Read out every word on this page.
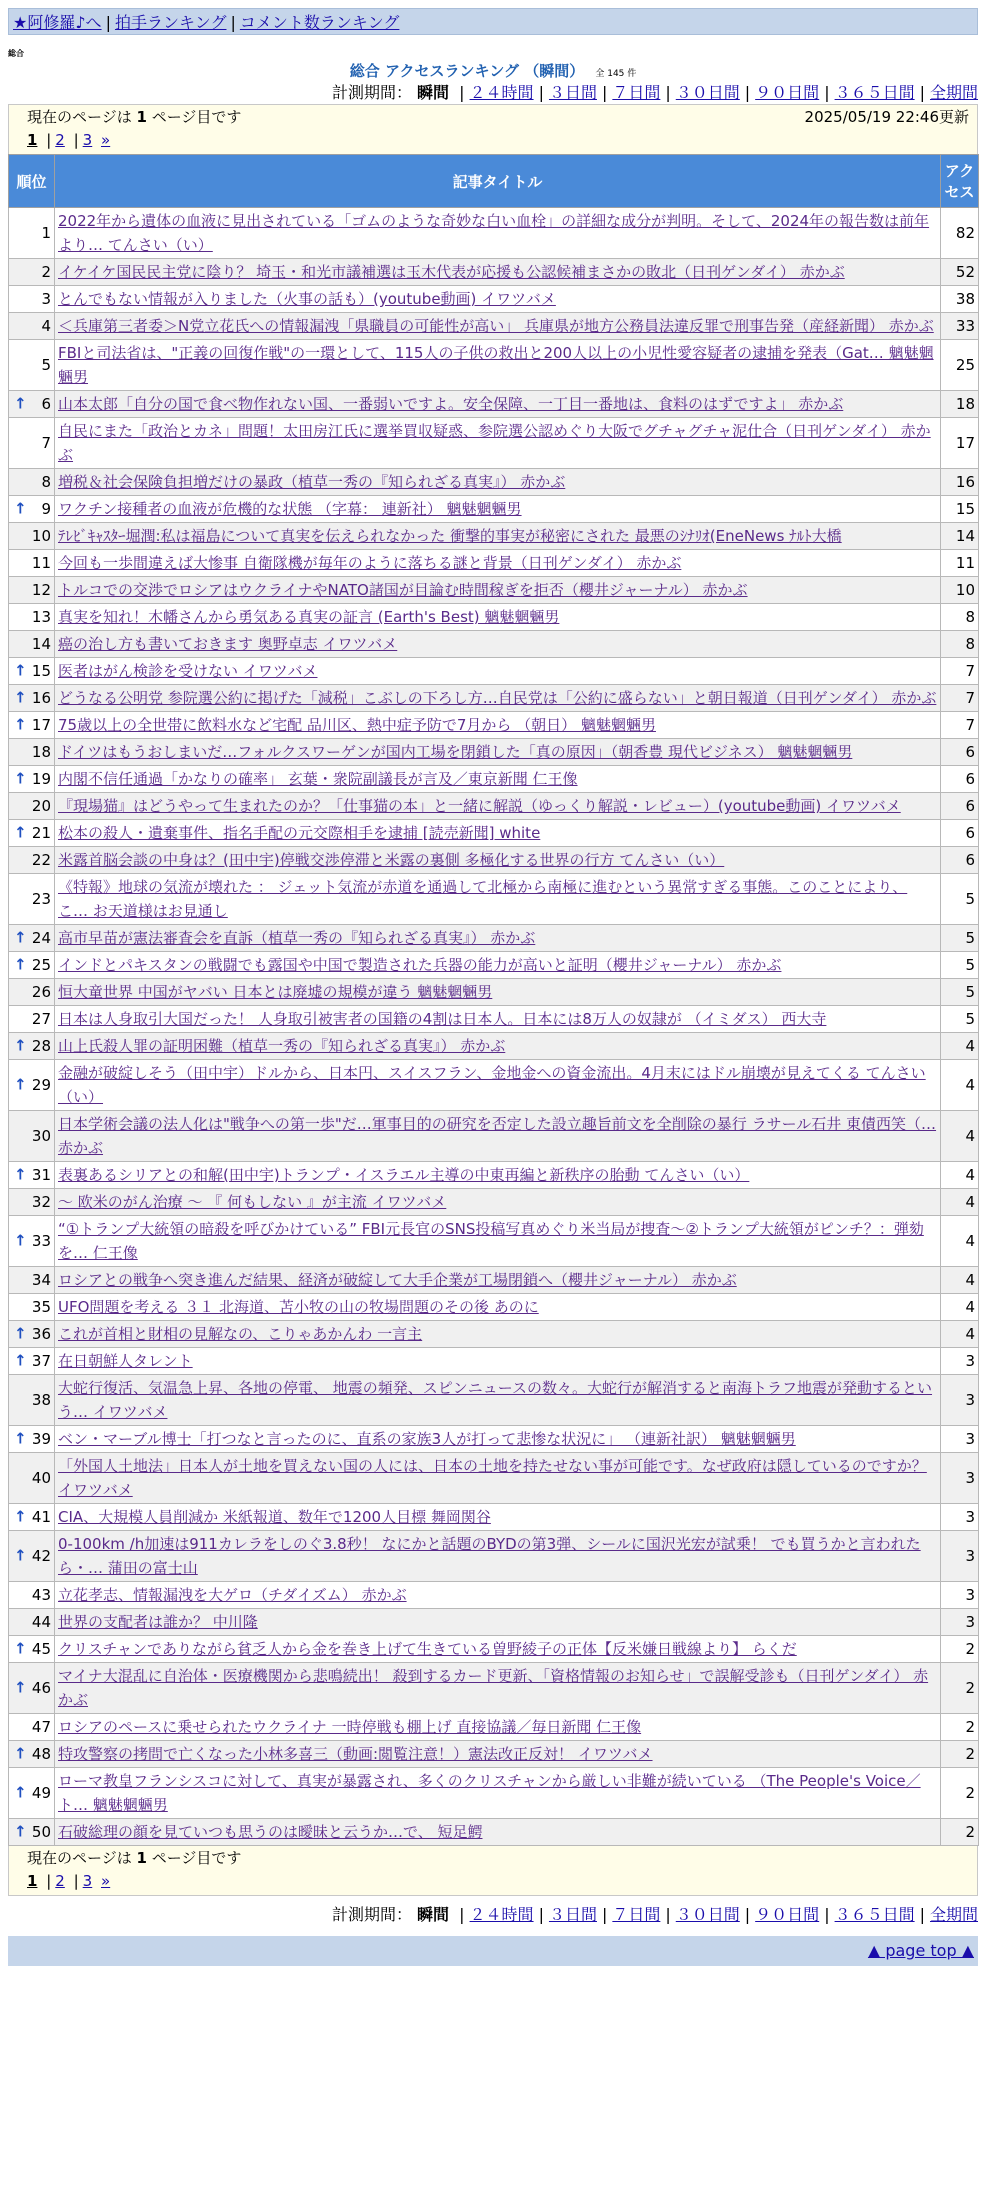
★阿修羅♪へ | 拍手ランキング | コメント数ランキング
総合
総合 アクセスランキング （瞬間） 全 145 件
計測期間： 瞬間 | ２４時間 | ３日間 | ７日間 | ３０日間 | ９０日間 | ３６５日間 | 全期間
現在のページは 1 ページ目です	2025/05/19 22:46更新
1 | 2 | 3 »
順位	記事タイトル	アクセス
1	2022年から遺体の血液に見出されている「ゴムのような奇妙な白い血栓」の詳細な成分が判明。そして、2024年の報告数は前年より… てんさい（い）	82
2	イケイケ国民民主党に陰り？ 埼玉・和光市議補選は玉木代表が応援も公認候補まさかの敗北（日刊ゲンダイ） 赤かぶ	52
3	とんでもない情報が入りました（火事の話も）(youtube動画) イワツバメ	38
4	＜兵庫第三者委＞N党立花氏への情報漏洩「県職員の可能性が高い」 兵庫県が地方公務員法違反罪で刑事告発（産経新聞） 赤かぶ	33
5	FBIと司法省は、"正義の回復作戦"の一環として、115人の子供の救出と200人以上の小児性愛容疑者の逮捕を発表（Gat… 魑魅魍魎男	25

↑ 6	山本太郎「自分の国で食べ物作れない国、一番弱いですよ。安全保障、一丁目一番地は、食料のはずですよ」 赤かぶ	18
7	自民にまた「政治とカネ」問題！太田房江氏に選挙買収疑惑、参院選公認めぐり大阪でグチャグチャ泥仕合（日刊ゲンダイ） 赤かぶ	17
8	増税＆社会保険負担増だけの暴政（植草一秀の『知られざる真実』） 赤かぶ	16

↑ 9	ワクチン接種者の血液が危機的な状態 （字幕： 連新社） 魑魅魍魎男	15
10	ﾃﾚﾋﾞｷｬｽﾀｰ堀潤:私は福島について真実を伝えられなかった 衝撃的事実が秘密にされた 最悪のｼﾅﾘｵ(EneNews ﾅﾙﾄ大橋	14
11	今回も一歩間違えば大惨事 自衛隊機が毎年のように落ちる謎と背景（日刊ゲンダイ） 赤かぶ	11
12	トルコでの交渉でロシアはウクライナやNATO諸国が目論む時間稼ぎを拒否（櫻井ジャーナル） 赤かぶ	10
13	真実を知れ！木幡さんから勇気ある真実の証言 (Earth's Best) 魑魅魍魎男	8
14	癌の治し方も書いておきます 奥野卓志 イワツバメ	8

↑ 15	医者はがん検診を受けない イワツバメ	7

↑ 16	どうなる公明党 参院選公約に掲げた「減税」こぶしの下ろし方…自民党は「公約に盛らない」と朝日報道（日刊ゲンダイ） 赤かぶ	7

↑ 17	75歳以上の全世帯に飲料水など宅配 品川区、熱中症予防で7月から （朝日） 魑魅魍魎男	7
18	ドイツはもうおしまいだ…フォルクスワーゲンが国内工場を閉鎖した「真の原因」（朝香豊 現代ビジネス） 魑魅魍魎男	6

↑ 19	内閣不信任通過「かなりの確率」 玄葉・衆院副議長が言及／東京新聞 仁王像	6
20	『現場猫』はどうやって生まれたのか？「仕事猫の本」と一緒に解説（ゆっくり解説・レビュー）(youtube動画) イワツバメ	6

↑ 21	松本の殺人・遺棄事件、指名手配の元交際相手を逮捕 [読売新聞] white	6
22	米露首脳会談の中身は？(田中宇)停戦交渉停滞と米露の裏側 多極化する世界の行方 てんさい（い）	6
23	《特報》地球の気流が壊れた ： ジェット気流が赤道を通過して北極から南極に進むという異常すぎる事態。このことにより、こ… お天道様はお見通し	5

↑ 24	高市早苗が憲法審査会を直訴（植草一秀の『知られざる真実』） 赤かぶ	5

↑ 25	インドとパキスタンの戦闘でも露国や中国で製造された兵器の能力が高いと証明（櫻井ジャーナル） 赤かぶ	5
26	恒大童世界 中国がヤバい 日本とは廃墟の規模が違う 魑魅魍魎男	5
27	日本は人身取引大国だった！ 人身取引被害者の国籍の4割は日本人。日本には8万人の奴隷が （イミダス） 西大寺	5

↑ 28	山上氏殺人罪の証明困難（植草一秀の『知られざる真実』） 赤かぶ	4

↑ 29	金融が破綻しそう（田中宇）ドルから、日本円、スイスフラン、金地金への資金流出。4月末にはドル崩壊が見えてくる てんさい（い）	4
30	日本学術会議の法人化は"戦争への第一歩"だ…軍事目的の研究を否定した設立趣旨前文を全削除の暴行 ラサール石井 東債西笑（… 赤かぶ	4

↑ 31	表裏あるシリアとの和解(田中宇)トランプ・イスラエル主導の中東再編と新秩序の胎動 てんさい（い）	4
32	～ 欧米のがん治療 ～ 『 何もしない 』が主流 イワツバメ	4

↑ 33	“①トランプ大統領の暗殺を呼びかけている” FBI元長官のSNS投稿写真めぐり米当局が捜査～②トランプ大統領がピンチ？：弾劾を… 仁王像	4
34	ロシアとの戦争へ突き進んだ結果、経済が破綻して大手企業が工場閉鎖へ（櫻井ジャーナル） 赤かぶ	4
35	UFO問題を考える ３１ 北海道、苫小牧の山の牧場問題のその後 あのに	4

↑ 36	これが首相と財相の見解なの、こりゃあかんわ 一言主	4

↑ 37	在日朝鮮人タレント	3
38	大蛇行復活、気温急上昇、各地の停電、 地震の頻発、スピンニュースの数々。大蛇行が解消すると南海トラフ地震が発動するという… イワツバメ	3

↑ 39	ベン・マーブル博士「打つなと言ったのに、直系の家族3人が打って悲惨な状況に」 （連新社訳） 魑魅魍魎男	3
40	「外国人土地法」日本人が土地を買えない国の人には、日本の土地を持たせない事が可能です。なぜ政府は隠しているのですか？ イワツバメ	3

↑ 41	CIA、大規模人員削減か 米紙報道、数年で1200人目標 舞岡関谷	3

↑ 42	0-100km /h加速は911カレラをしのぐ3.8秒！ なにかと話題のBYDの第3弾、シールに国沢光宏が試乗！ でも買うかと言われたら・… 蒲田の富士山	3
43	立花孝志、情報漏洩を大ゲロ（チダイズム） 赤かぶ	3
44	世界の支配者は誰か？ 中川隆	3

↑ 45	クリスチャンでありながら貧乏人から金を巻き上げて生きている曽野綾子の正体【反米嫌日戦線より】 らくだ	2

↑ 46	マイナ大混乱に自治体・医療機関から悲鳴続出！ 殺到するカード更新、「資格情報のお知らせ」で誤解受診も（日刊ゲンダイ） 赤かぶ	2
47	ロシアのペースに乗せられたウクライナ 一時停戦も棚上げ 直接協議／毎日新聞 仁王像	2

↑ 48	特攻警察の拷問で亡くなった小林多喜三（動画:閲覧注意！）憲法改正反対！ イワツバメ	2

↑ 49	ローマ教皇フランシスコに対して、真実が暴露され、多くのクリスチャンから厳しい非難が続いている （The People's Voice／ト… 魑魅魍魎男	2

↑ 50	石破総理の顔を見ていつも思うのは曖昧と云うか…で、 短足鰐	2
現在のページは 1 ページ目です
1 | 2 | 3 »
計測期間： 瞬間 | ２４時間 | ３日間 | ７日間 | ３０日間 | ９０日間 | ３６５日間 | 全期間
▲ page top ▲
